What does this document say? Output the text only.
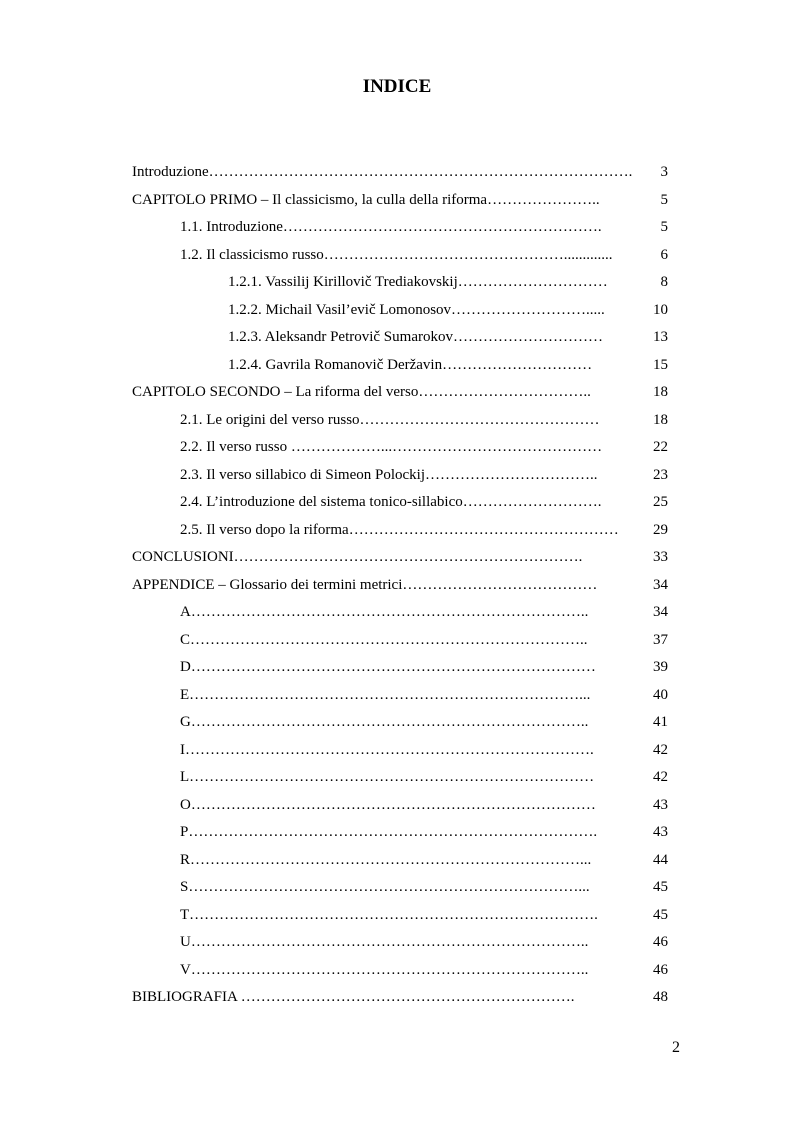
INDICE
Introduzione………………………………………………………………………….	3
CAPITOLO PRIMO – Il classicismo, la culla della riforma…………………..	5
1.1. Introduzione……………………………………………………….	5
1.2. Il classicismo russo………………………………………….............	6
1.2.1. Vassilij Kirillovič Trediakovskij…………………………	8
1.2.2. Michail Vasil’evič Lomonosov……………………….....	10
1.2.3. Aleksandr Petrovič Sumarokov…………………………	13
1.2.4. Gavrila Romanovič Deržavin…………………………	15
CAPITOLO SECONDO – La riforma del verso……………………………..	18
2.1. Le origini del verso russo…………………………………………	18
2.2. Il verso russo ………………...……………………………………	22
2.3. Il verso sillabico di Simeon Polockij……………………………..	23
2.4. L’introduzione del sistema tonico-sillabico……………………….	25
2.5. Il verso dopo la riforma………………………………………………	29
CONCLUSIONI…………………………………………………………….	33
APPENDICE – Glossario dei termini metrici…………………………………	34
A……………………………………………………………………..	34
C……………………………………………………………………..	37
D………………………………………………………………………	39
E……………………………………………………………………...	40
G……………………………………………………………………..	41
I……………………………………………………………………….	42
L………………………………………………………………………	42
O………………………………………………………………………	43
P……………………………………………………………………….	43
R……………………………………………………………………...	44
S……………………………………………………………………...	45
T……………………………………………………………………….	45
U……………………………………………………………………..	46
V……………………………………………………………………..	46
BIBLIOGRAFIA ………………………………………………………….	48
2
